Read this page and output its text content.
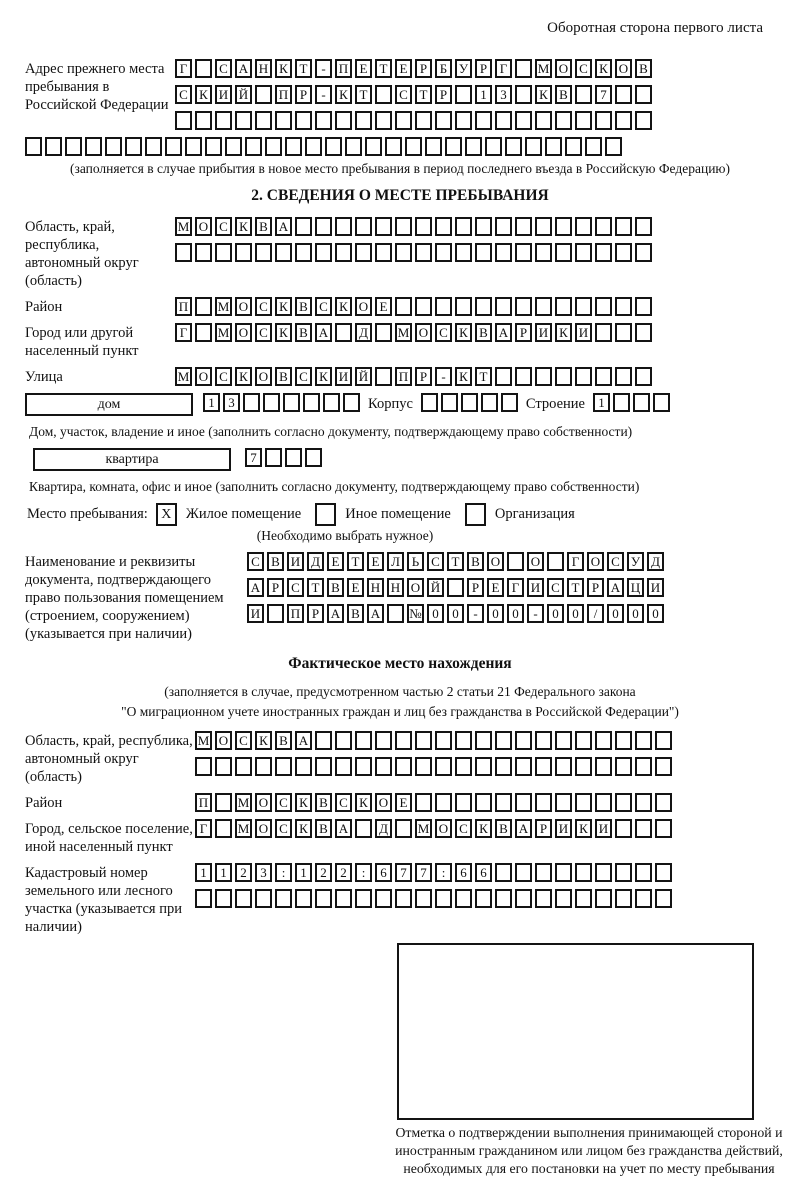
Оборотная сторона первого листа
Адрес прежнего места пребывания в Российской Федерации
Г	С А Н К Т	-	П Е Т Е Р Б У Р Г	М О С К О В
С К И Й П Р	-	К Т	С Т Р	1	3	К В	7
(заполняется в случае прибытия в новое место пребывания в период последнего въезда в Российскую Федерацию)
2. СВЕДЕНИЯ О МЕСТЕ ПРЕБЫВАНИЯ
Область, край, республика, автономный округ (область)
М О С К В А
Район	П М О С К В С К О Е
Город или другой населенный пункт
Г	М О С К В А	Д	М О С К В А Р И К И
Улица	М О С К О В С К И Й П Р	-	К Т
дом	1	3	Корпус	Строение	1
Дом, участок, владение и иное (заполнить согласно документу, подтверждающему право собственности)
квартира	7
Квартира, комната, офис и иное (заполнить согласно документу, подтверждающему право собственности)
Место пребывания: X Жилое помещение	Иное помещение	Организация
(Необходимо выбрать нужное)
Наименование и реквизиты документа, подтверждающего право пользования помещением (строением, сооружением) (указывается при наличии)
С В И Д Е Т Е Л Ь С Т В О О	Г О С У Д
А Р С Т В Е Н Н О Й	Р Е Г И С Т Р А Ц И
И П Р А В А № 0	0	-	0	0	-	0	0	/	0	0	0
Фактическое место нахождения
(заполняется в случае, предусмотренном частью 2 статьи 21 Федерального закона
"О миграционном учете иностранных граждан и лиц без гражданства в Российской Федерации")
Область, край, республика, автономный округ (область)
М О С К В А
Район	П М О С К В С К О Е
Город, сельское поселение, иной населенный пункт
Г	М О С К В А	Д	М О С К В А Р И К И
Кадастровый номер земельного или лесного участка (указывается при наличии)
1	1	2	3	:	1	2	2	:	6	7	7	:	6	6
Отметка о подтверждении выполнения принимающей стороной и иностранным гражданином или лицом без гражданства действий, необходимых для его постановки на учет по месту пребывания
